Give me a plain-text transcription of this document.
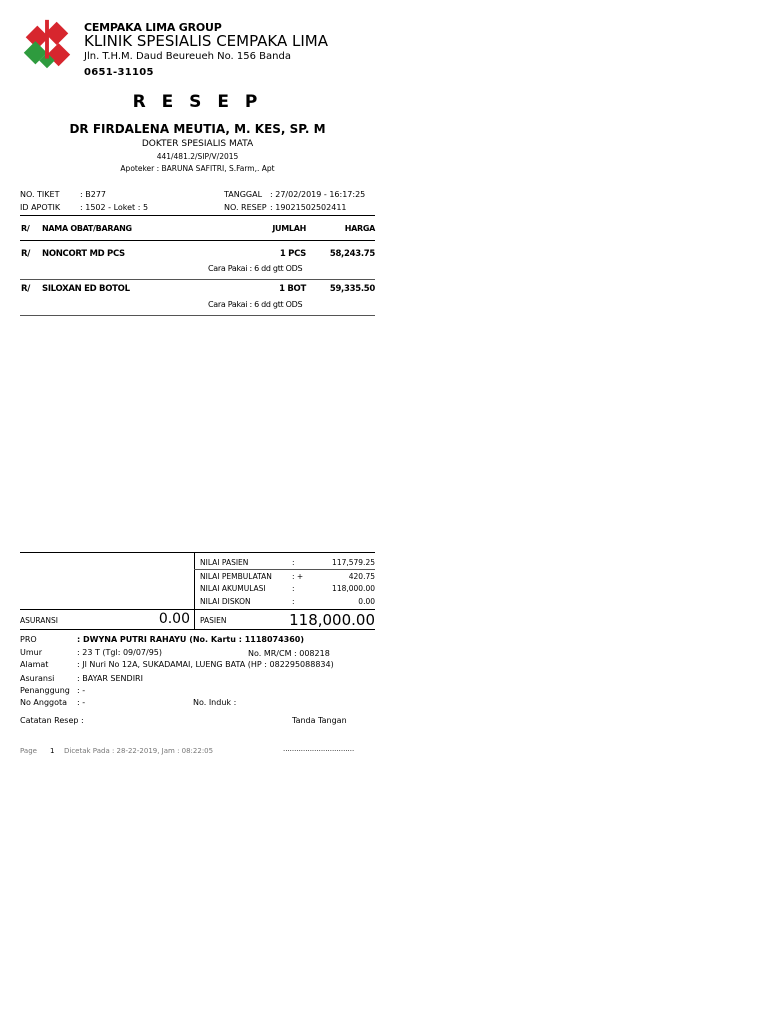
CEMPAKA LIMA GROUP
KLINIK SPESIALIS CEMPAKA LIMA
Jln. T.H.M. Daud Beureueh No. 156 Banda
0651-31105
R E S E P
DR FIRDALENA MEUTIA, M. KES, SP. M
DOKTER SPESIALIS MATA
441/481.2/SIP/V/2015
Apoteker : BARUNA SAFITRI, S.Farm,. Apt
NO. TIKET	: B277
ID APOTIK : 1502 - Loket : 5
TANGGAL : 27/02/2019 - 16:17:25
NO. RESEP : 19021502502411
R/ NAMA OBAT/BARANG	JUMLAH	HARGA
R/ NONCORT MD PCS	1 PCS	58,243.75
Cara Pakai : 6 dd gtt ODS
R/ SILOXAN ED BOTOL	1 BOT	59,335.50
Cara Pakai : 6 dd gtt ODS
NILAI PASIEN	:	117,579.25
NILAI PEMBULATAN	: +	420.75
NILAI AKUMULASI	:	118,000.00
NILAI DISKON	:	0.00
ASURANSI	0.00 PASIEN	118,000.00
PRO	: DWYNA PUTRI RAHAYU (No. Kartu : 1118074360)
Umur	: 23 T (Tgl: 09/07/95)	No. MR/CM : 008218
Alamat	: Jl Nuri No 12A, SUKADAMAI, LUENG BATA (HP : 082295088834)
Asuransi	: BAYAR SENDIRI
Penanggung : -
No Anggota : -	No. Induk :
Catatan Resep :	Tanda Tangan
Page 1 Dicetak Pada : 28-22-2019, Jam : 08:22:05	................................
